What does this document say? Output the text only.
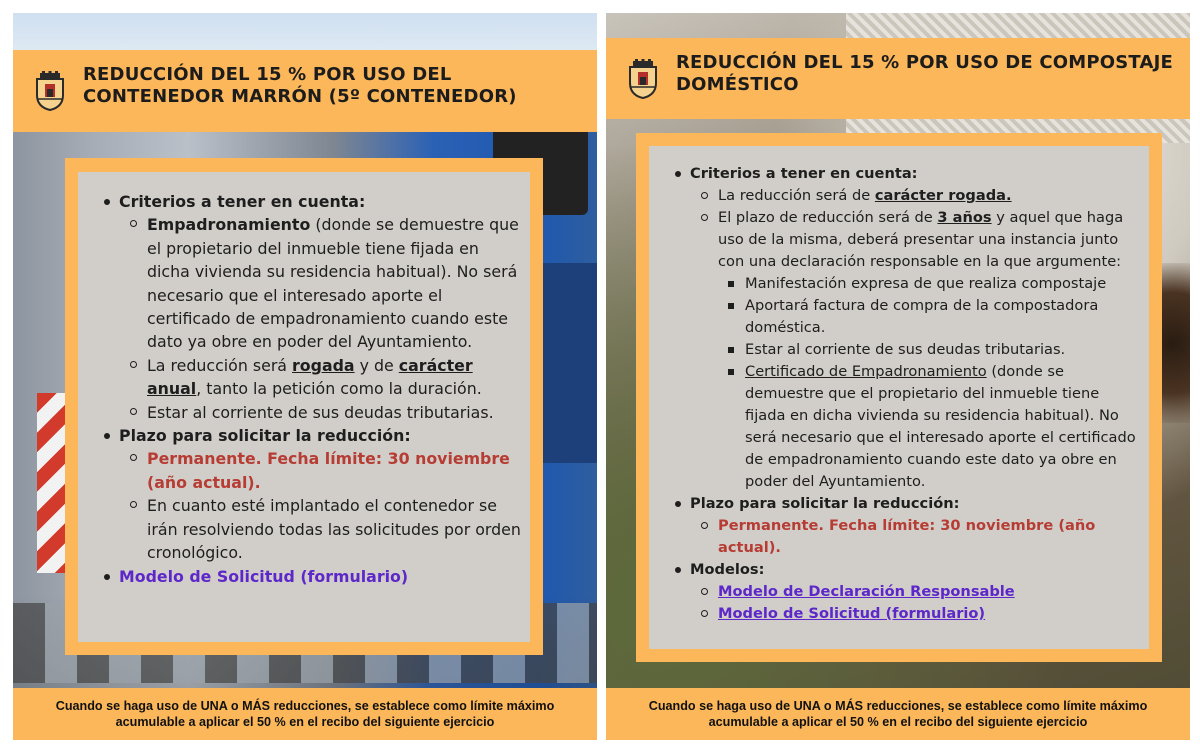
REDUCCIÓN DEL 15 % POR USO DEL CONTENEDOR MARRÓN (5º CONTENEDOR)
Criterios a tener en cuenta:
Empadronamiento (donde se demuestre que el propietario del inmueble tiene fijada en dicha vivienda su residencia habitual). No será necesario que el interesado aporte el certificado de empadronamiento cuando este dato ya obre en poder del Ayuntamiento.
La reducción será rogada y de carácter anual, tanto la petición como la duración.
Estar al corriente de sus deudas tributarias.
Plazo para solicitar la reducción:
Permanente. Fecha límite: 30 noviembre (año actual).
En cuanto esté implantado el contenedor se irán resolviendo todas las solicitudes por orden cronológico.
Modelo de Solicitud (formulario)
Cuando se haga uso de UNA o MÁS reducciones, se establece como límite máximo acumulable a aplicar el 50 % en el recibo del siguiente ejercicio
REDUCCIÓN DEL 15 % POR USO DE COMPOSTAJE DOMÉSTICO
Criterios a tener en cuenta:
La reducción será de carácter rogada.
El plazo de reducción será de 3 años y aquel que haga uso de la misma, deberá presentar una instancia junto con una declaración responsable en la que argumente:
Manifestación expresa de que realiza compostaje
Aportará factura de compra de la compostadora doméstica.
Estar al corriente de sus deudas tributarias.
Certificado de Empadronamiento (donde se demuestre que el propietario del inmueble tiene fijada en dicha vivienda su residencia habitual). No será necesario que el interesado aporte el certificado de empadronamiento cuando este dato ya obre en poder del Ayuntamiento.
Plazo para solicitar la reducción:
Permanente. Fecha límite: 30 noviembre (año actual).
Modelos:
Modelo de Declaración Responsable
Modelo de Solicitud (formulario)
Cuando se haga uso de UNA o MÁS reducciones, se establece como límite máximo acumulable a aplicar el 50 % en el recibo del siguiente ejercicio
